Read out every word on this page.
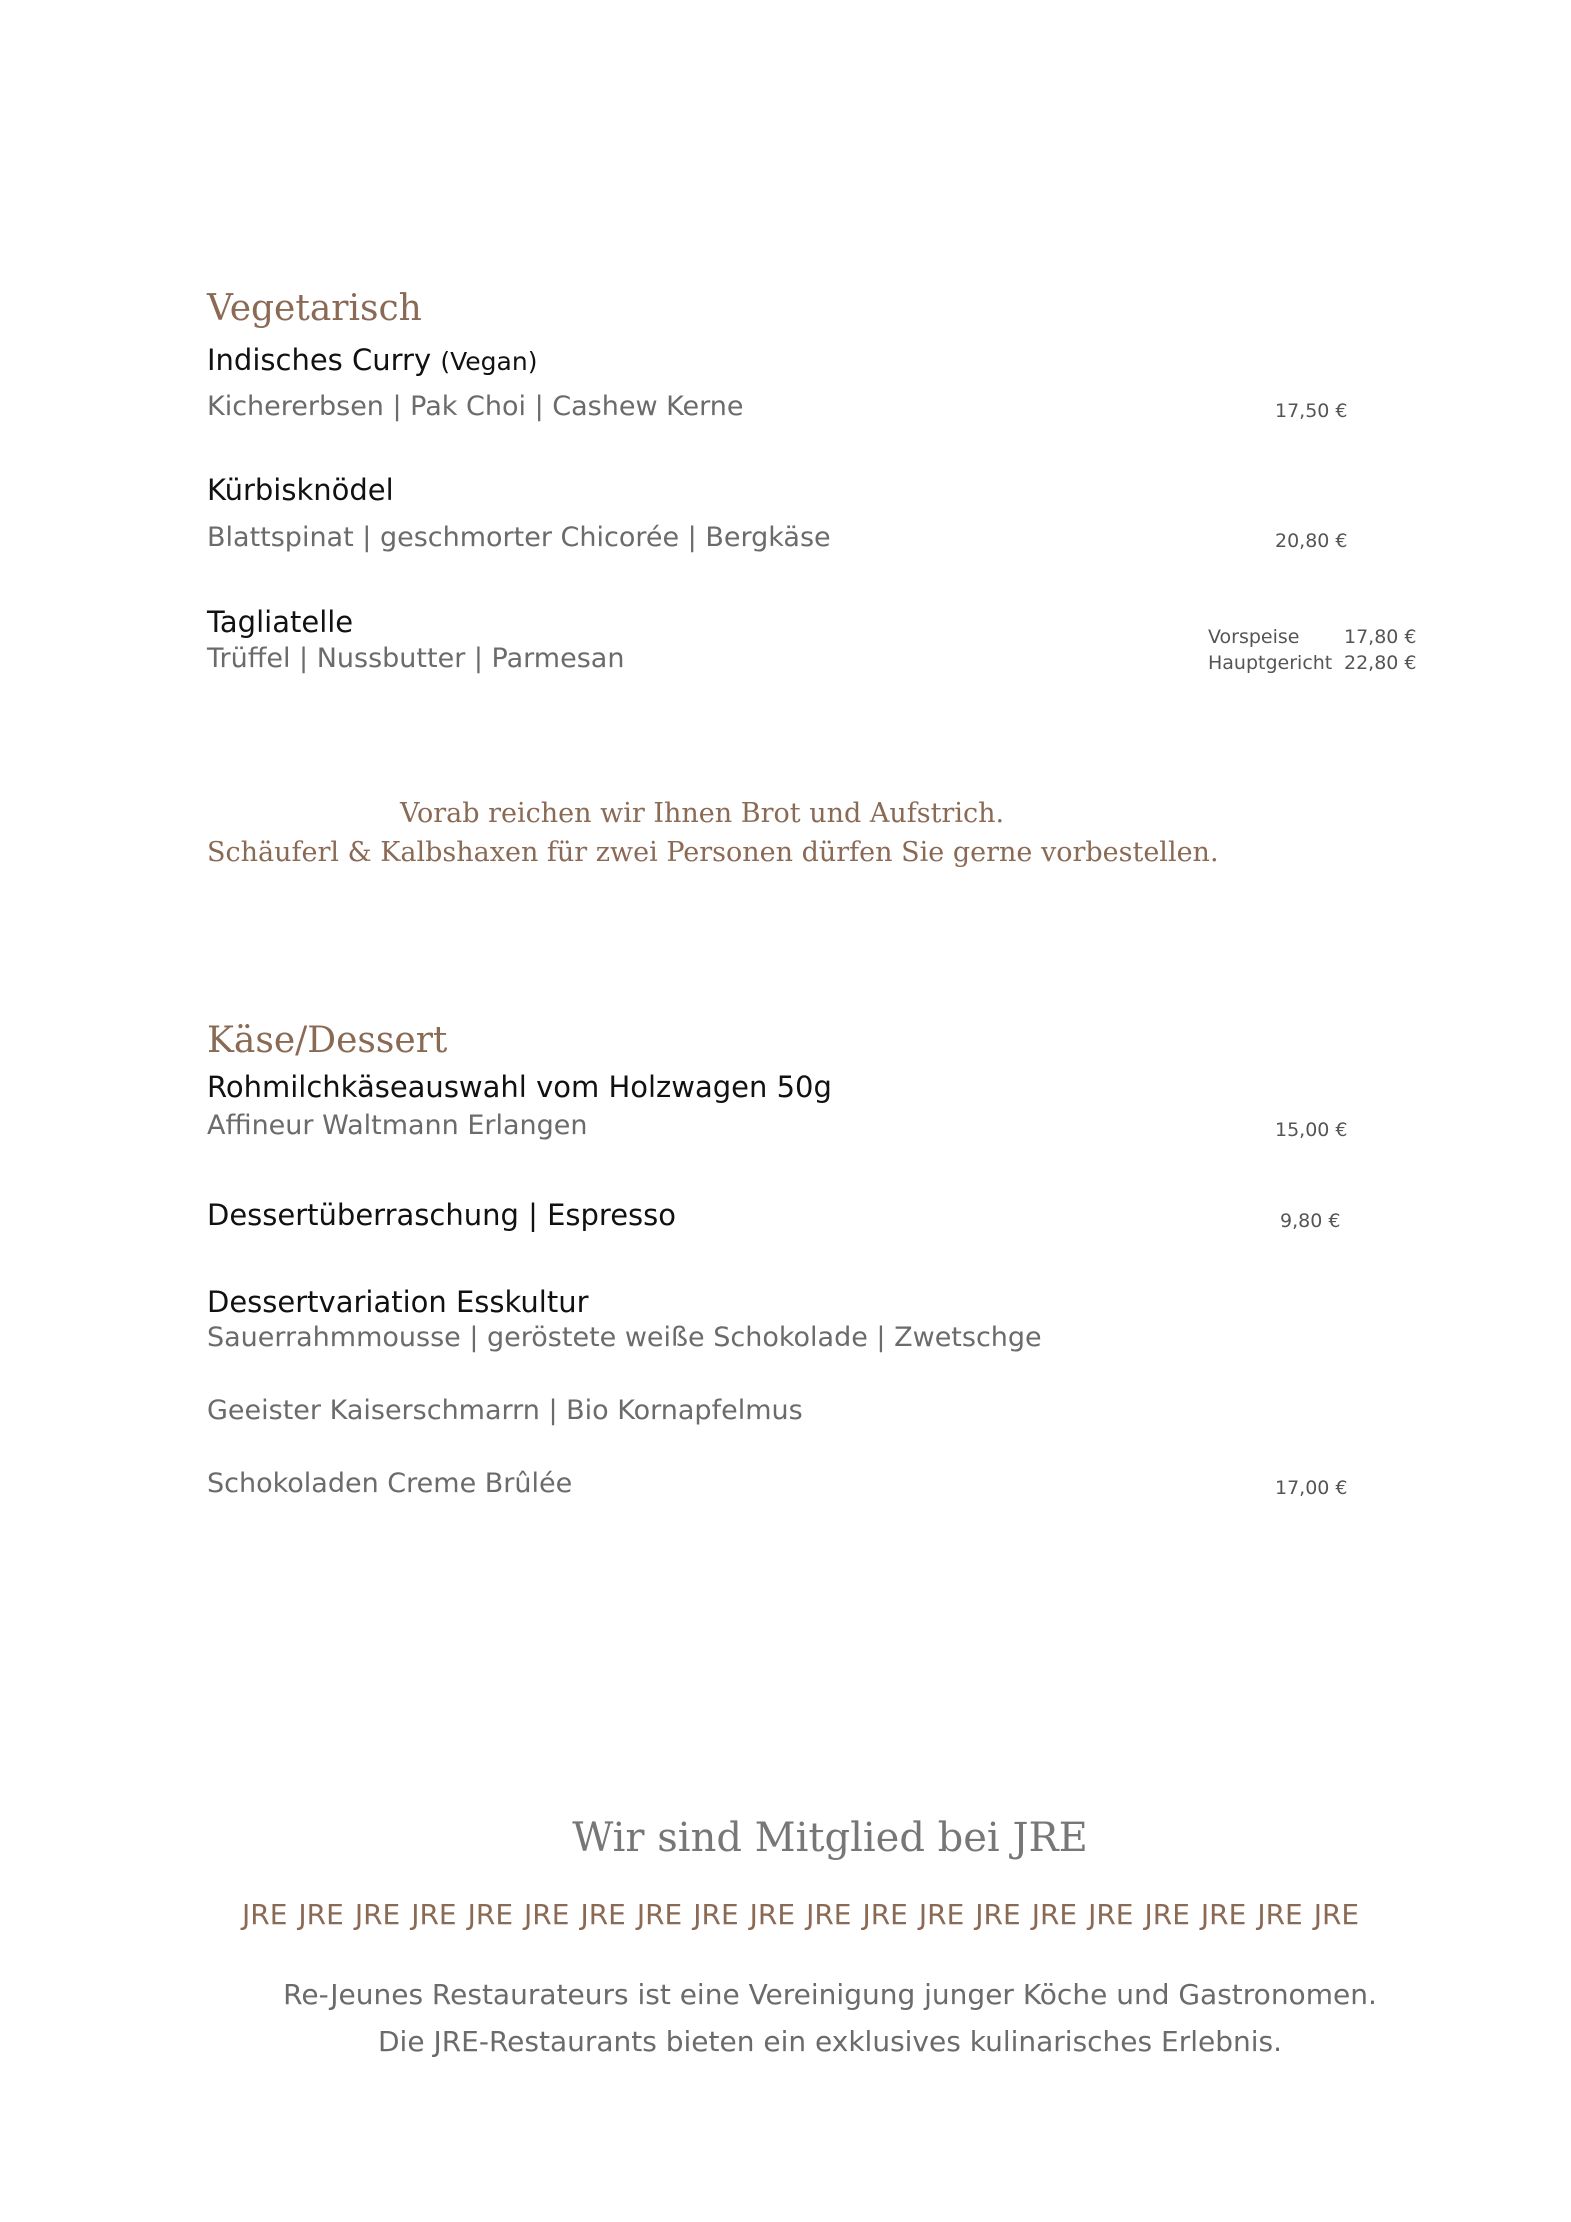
Vegetarisch
Indisches Curry (Vegan)
Kichererbsen | Pak Choi | Cashew Kerne	17,50 €
Kürbisknödel
Blattspinat | geschmorter Chicorée | Bergkäse	20,80 €
Tagliatelle
Trüffel | Nussbutter | Parmesan
Vorspeise 17,80 €
Hauptgericht 22,80 €
Vorab reichen wir Ihnen Brot und Aufstrich.
Schäuferl & Kalbshaxen für zwei Personen dürfen Sie gerne vorbestellen.
Käse/Dessert
Rohmilchkäseauswahl vom Holzwagen 50g
Affineur Waltmann Erlangen	15,00 €
Dessertüberraschung | Espresso	9,80 €
Dessertvariation Esskultur
Sauerrahmmousse | geröstete weiße Schokolade | Zwetschge
Geeister Kaiserschmarrn | Bio Kornapfelmus
Schokoladen Creme Brûlée	17,00 €
Wir sind Mitglied bei JRE
JRE JRE JRE JRE JRE JRE JRE JRE JRE JRE JRE JRE JRE JRE JRE JRE JRE JRE JRE JRE
Re-Jeunes Restaurateurs ist eine Vereinigung junger Köche und Gastronomen.
Die JRE-Restaurants bieten ein exklusives kulinarisches Erlebnis.
